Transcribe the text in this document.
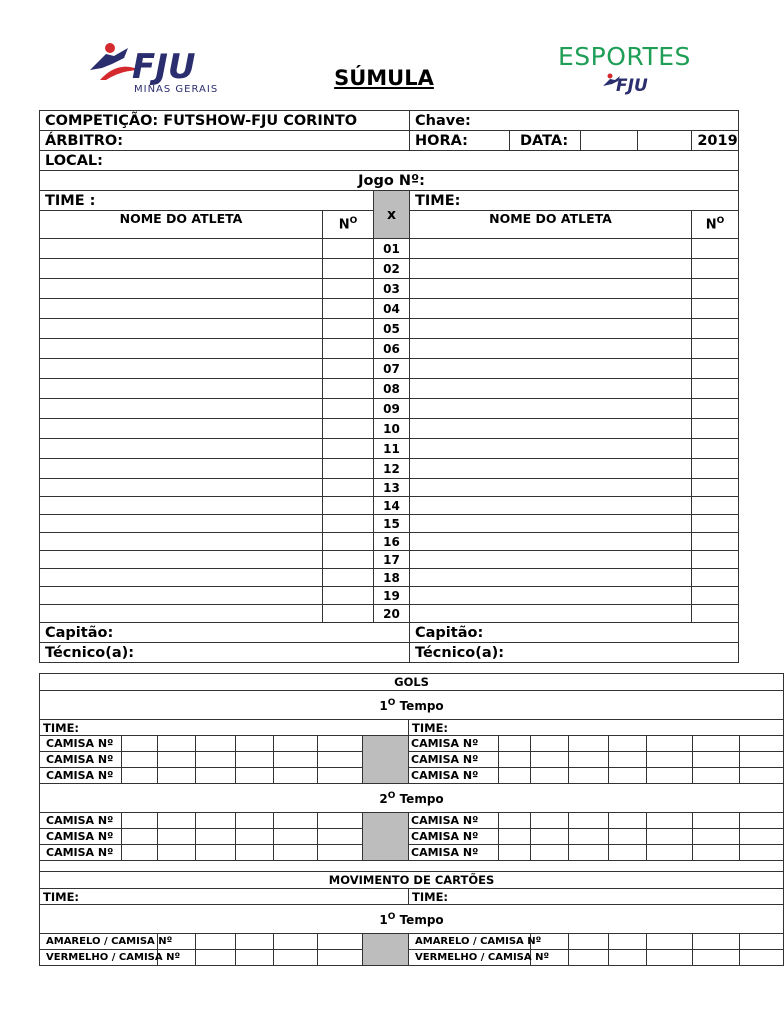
FJU
MINAS GERAIS	SÚMULA
ESPORTES
FJU
COMPETIÇÃO: FUTSHOW-FJU CORINTO			Chave:				
ÁRBITRO:			HORA:	DATA:			2019
LOCAL:							
Jogo Nº:							
TIME :		x	TIME:				
NOME DO ATLETA	$N^O$		NOME DO ATLETA				$N^O$
		01					
		02					
		03					
		04					
		05					
		06					
		07					
		08					
		09					
		10					
		11					
		12					
		13					
		14					
		15					
		16					
		17					
		18					
		19					
		20					
Capitão:			Capitão:				
Técnico(a):			Técnico(a):				
GOLS															
$1^O$ Tempo															
TIME:								TIME:							
CAMISA Nº								CAMISA Nº							
CAMISA Nº								CAMISA Nº							
CAMISA Nº								CAMISA Nº							
$2^O$ Tempo															
CAMISA Nº								CAMISA Nº							
CAMISA Nº								CAMISA Nº							
CAMISA Nº								CAMISA Nº							

MOVIMENTO DE CARTÕES															
TIME:								TIME:							
$1^O$ Tempo															
AMARELO / CAMISA Nº								AMARELO / CAMISA Nº							
VERMELHO / CAMISA Nº								VERMELHO / CAMISA Nº							
